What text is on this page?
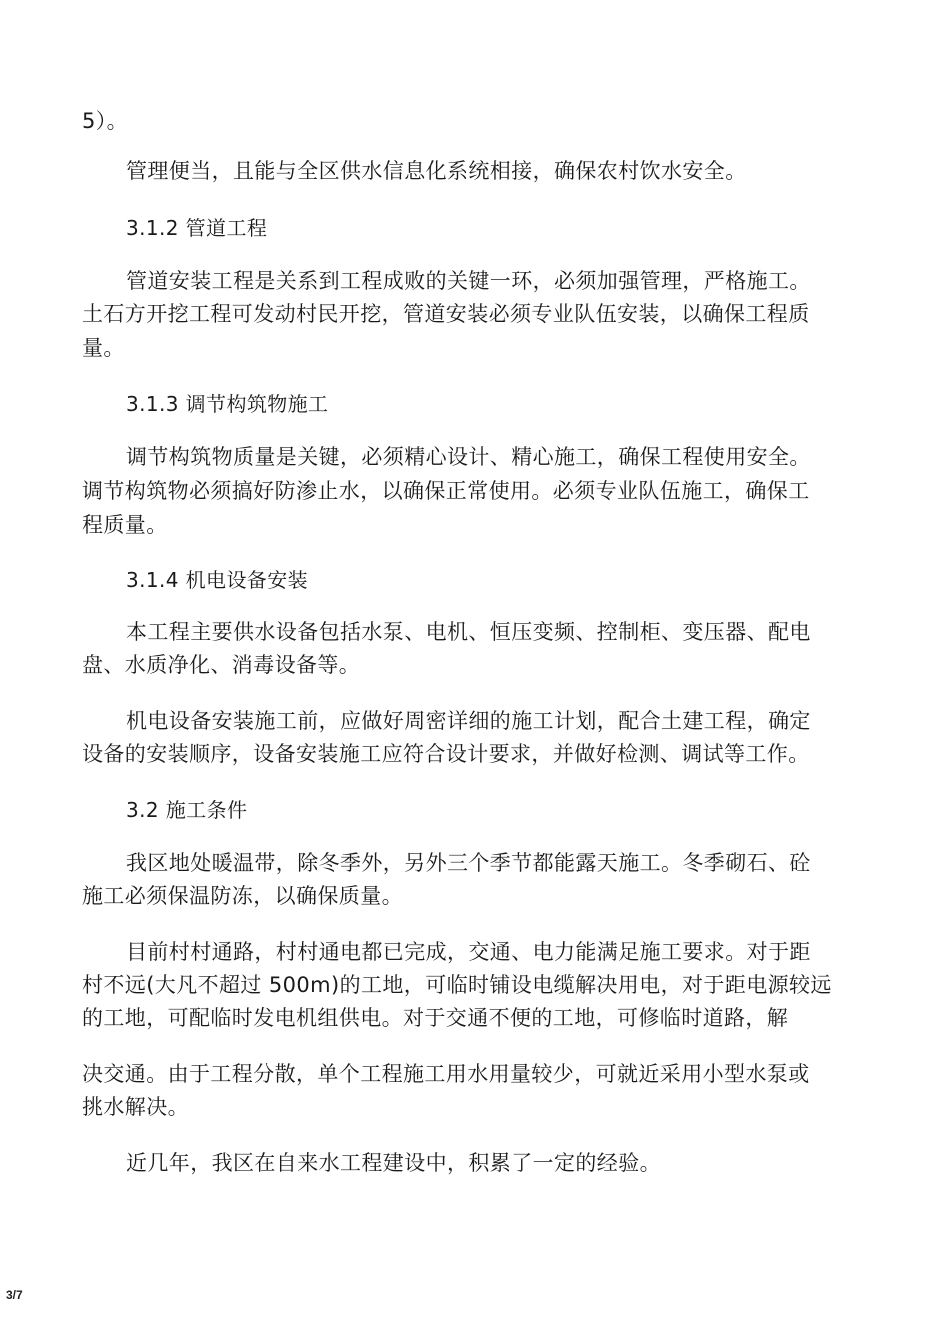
5）。
管理便当，且能与全区供水信息化系统相接，确保农村饮水安全。
3.1.2 管道工程
管道安装工程是关系到工程成败的关键一环，必须加强管理，严格施工。
土石方开挖工程可发动村民开挖，管道安装必须专业队伍安装，以确保工程质
量。
3.1.3 调节构筑物施工
调节构筑物质量是关键，必须精心设计、精心施工，确保工程使用安全。
调节构筑物必须搞好防渗止水，以确保正常使用。必须专业队伍施工，确保工
程质量。
3.1.4 机电设备安装
本工程主要供水设备包括水泵、电机、恒压变频、控制柜、变压器、配电
盘、水质净化、消毒设备等。
机电设备安装施工前，应做好周密详细的施工计划，配合土建工程，确定
设备的安装顺序，设备安装施工应符合设计要求，并做好检测、调试等工作。
3.2 施工条件
我区地处暖温带，除冬季外，另外三个季节都能露天施工。冬季砌石、砼
施工必须保温防冻，以确保质量。
目前村村通路，村村通电都已完成，交通、电力能满足施工要求。对于距
村不远(大凡不超过 500m)的工地，可临时铺设电缆解决用电，对于距电源较远
的工地，可配临时发电机组供电。对于交通不便的工地，可修临时道路，解
决交通。由于工程分散，单个工程施工用水用量较少，可就近采用小型水泵或
挑水解决。
近几年，我区在自来水工程建设中，积累了一定的经验。
3/7
